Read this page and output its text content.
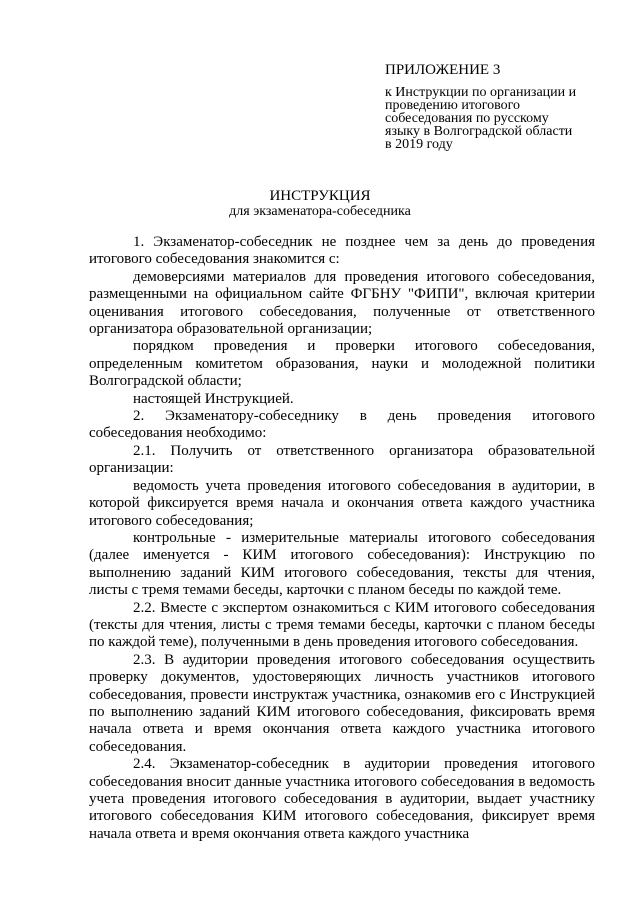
ПРИЛОЖЕНИЕ 3

к Инструкции по организации и

проведению итогового

собеседования по русскому

языку в Волгоградской области

в 2019 году

ИНСТРУКЦИЯ
для экзаменатора-собеседника

1. Экзаменатор-собеседник не позднее чем за день до проведения итогового собеседования знакомится с:

демоверсиями материалов для проведения итогового собеседования, размещенными на официальном сайте ФГБНУ "ФИПИ", включая критерии оценивания итогового собеседования, полученные от ответственного организатора образовательной организации;

порядком проведения и проверки итогового собеседования, определенным комитетом образования, науки и молодежной политики Волгоградской области;

настоящей Инструкцией.

2. Экзаменатору-собеседнику в день проведения итогового собеседования необходимо:

2.1. Получить от ответственного организатора образовательной организации:

ведомость учета проведения итогового собеседования в аудитории, в которой фиксируется время начала и окончания ответа каждого участника итогового собеседования;

контрольные - измерительные материалы итогового собеседования (далее именуется - КИМ итогового собеседования): Инструкцию по выполнению заданий КИМ итогового собеседования, тексты для чтения, листы с тремя темами беседы, карточки с планом беседы по каждой теме.

2.2. Вместе с экспертом ознакомиться с КИМ итогового собеседования (тексты для чтения, листы с тремя темами беседы, карточки с планом беседы по каждой теме), полученными в день проведения итогового собеседования.

2.3. В аудитории проведения итогового собеседования осуществить проверку документов, удостоверяющих личность участников итогового собеседования, провести инструктаж участника, ознакомив его с Инструкцией по выполнению заданий КИМ итогового собеседования, фиксировать время начала ответа и время окончания ответа каждого участника итогового собеседования.

2.4. Экзаменатор-собеседник в аудитории проведения итогового собеседования вносит данные участника итогового собеседования в ведомость учета проведения итогового собеседования в аудитории, выдает участнику итогового собеседования КИМ итогового собеседования, фиксирует время начала ответа и время окончания ответа каждого участника
